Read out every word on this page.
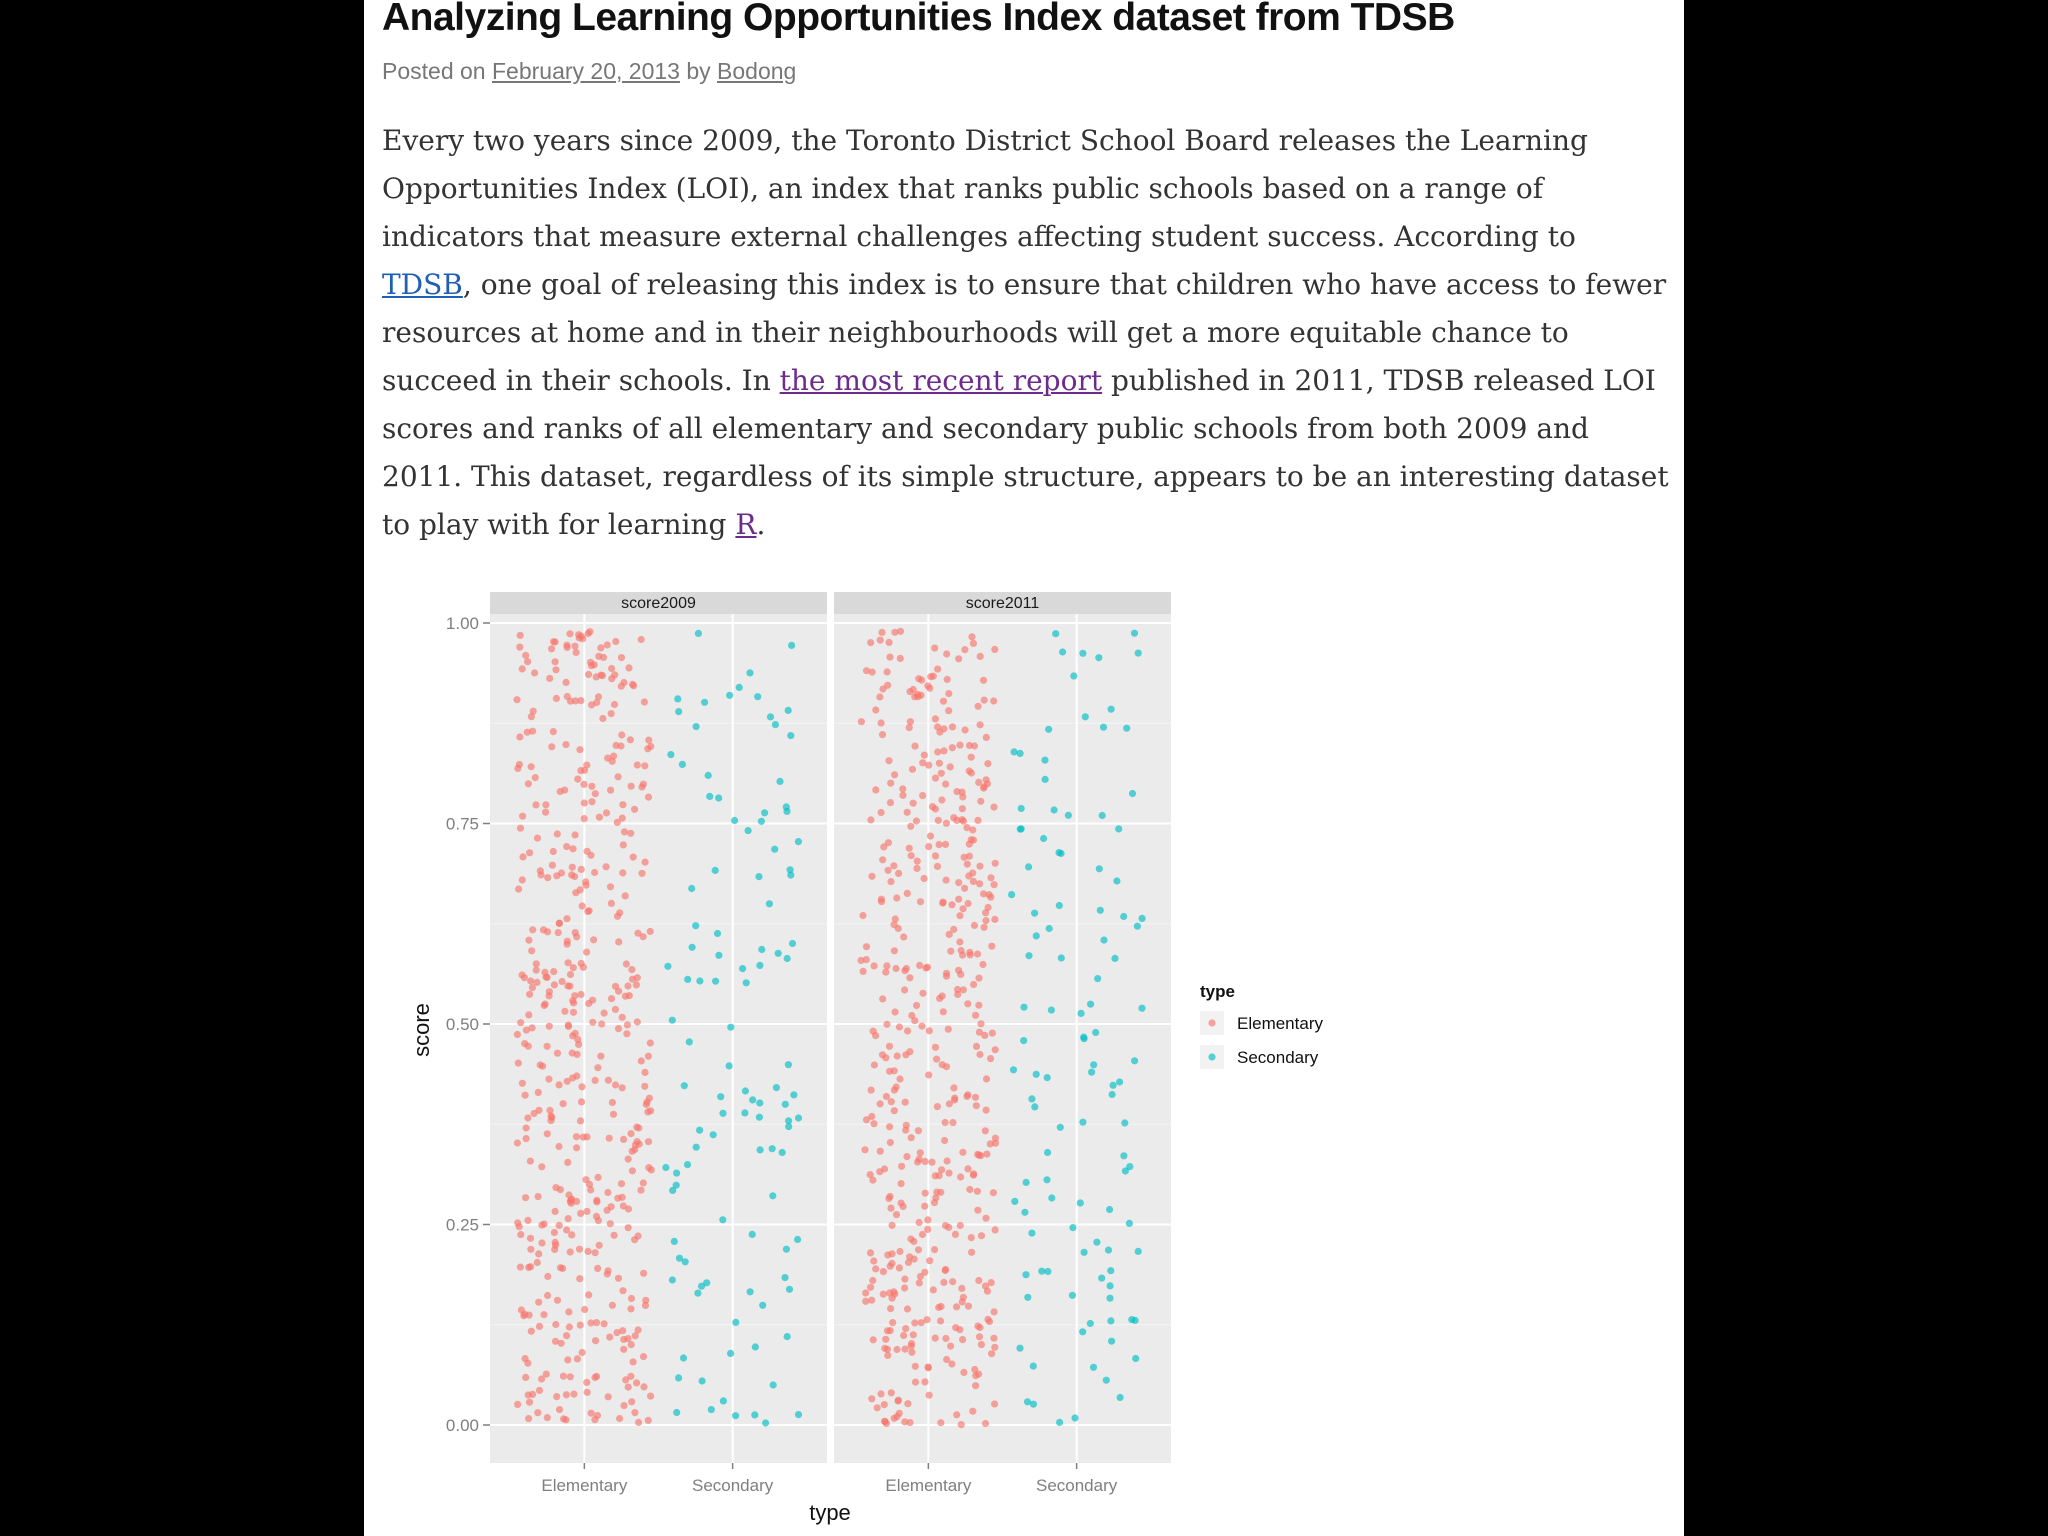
Analyzing Learning Opportunities Index dataset from TDSB
Posted on February 20, 2013 by Bodong

Every two years since 2009, the Toronto District School Board releases the Learning Opportunities Index (LOI), an index that ranks public schools based on a range of indicators that measure external challenges affecting student success. According to TDSB, one goal of releasing this index is to ensure that children who have access to fewer resources at home and in their neighbourhoods will get a more equitable chance to succeed in their schools. In the most recent report published in 2011, TDSB released LOI scores and ranks of all elementary and secondary public schools from both 2009 and 2011. This dataset, regardless of its simple structure, appears to be an interesting dataset to play with for learning R.

score2009
Elementary	Secondary
score2011
Elementary	Secondary
0.00
0.25
0.50
0.75
1.00
type
score
type
Elementary
Secondary
